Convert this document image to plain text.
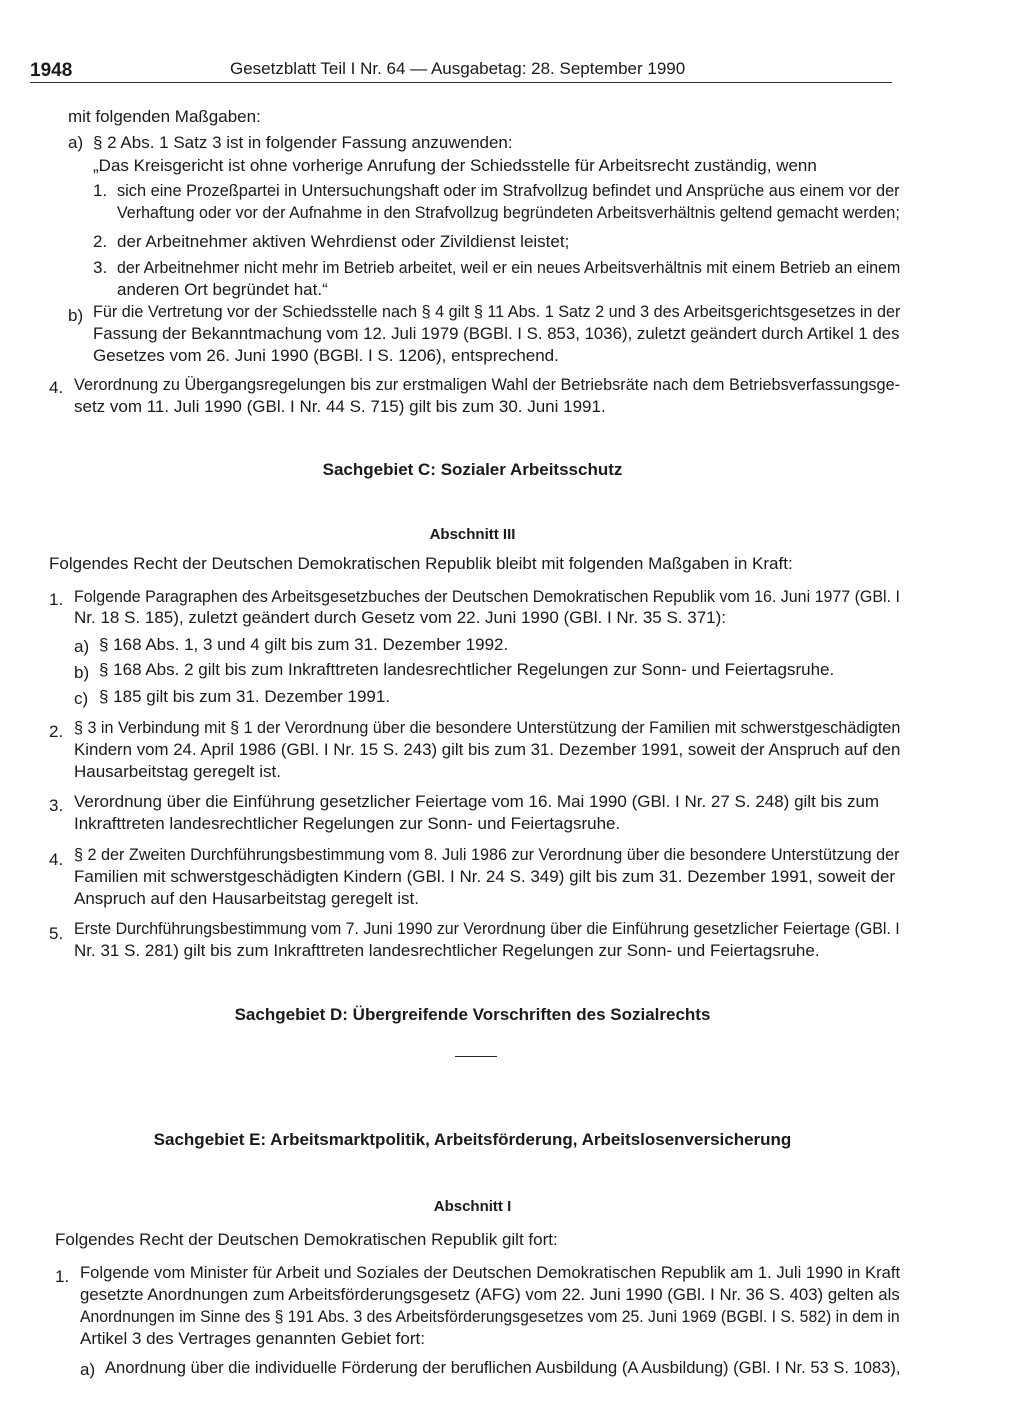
1948	Gesetzblatt Teil I Nr. 64 — Ausgabetag: 28. September 1990
mit folgenden Maßgaben:
a) § 2 Abs. 1 Satz 3 ist in folgender Fassung anzuwenden:
„Das Kreisgericht ist ohne vorherige Anrufung der Schiedsstelle für Arbeitsrecht zuständig, wenn
1. sich eine Prozeßpartei in Untersuchungshaft oder im Strafvollzug befindet und Ansprüche aus einem vor der
Verhaftung oder vor der Aufnahme in den Strafvollzug begründeten Arbeitsverhältnis geltend gemacht werden;
2. der Arbeitnehmer aktiven Wehrdienst oder Zivildienst leistet;
3. der Arbeitnehmer nicht mehr im Betrieb arbeitet, weil er ein neues Arbeitsverhältnis mit einem Betrieb an einem
anderen Ort begründet hat.“
b) Für die Vertretung vor der Schiedsstelle nach § 4 gilt § 11 Abs. 1 Satz 2 und 3 des Arbeitsgerichtsgesetzes in der
Fassung der Bekanntmachung vom 12. Juli 1979 (BGBl. I S. 853, 1036), zuletzt geändert durch Artikel 1 des
Gesetzes vom 26. Juni 1990 (BGBl. I S. 1206), entsprechend.
4. Verordnung zu Übergangsregelungen bis zur erstmaligen Wahl der Betriebsräte nach dem Betriebsverfassungsge-
setz vom 11. Juli 1990 (GBl. I Nr. 44 S. 715) gilt bis zum 30. Juni 1991.
Sachgebiet C: Sozialer Arbeitsschutz
Abschnitt III
Folgendes Recht der Deutschen Demokratischen Republik bleibt mit folgenden Maßgaben in Kraft:
1. Folgende Paragraphen des Arbeitsgesetzbuches der Deutschen Demokratischen Republik vom 16. Juni 1977 (GBl. I
Nr. 18 S. 185), zuletzt geändert durch Gesetz vom 22. Juni 1990 (GBl. I Nr. 35 S. 371):
a) § 168 Abs. 1, 3 und 4 gilt bis zum 31. Dezember 1992.
b) § 168 Abs. 2 gilt bis zum Inkrafttreten landesrechtlicher Regelungen zur Sonn- und Feiertagsruhe.
c) § 185 gilt bis zum 31. Dezember 1991.
2. § 3 in Verbindung mit § 1 der Verordnung über die besondere Unterstützung der Familien mit schwerstgeschädigten
Kindern vom 24. April 1986 (GBl. I Nr. 15 S. 243) gilt bis zum 31. Dezember 1991, soweit der Anspruch auf den
Hausarbeitstag geregelt ist.
3. Verordnung über die Einführung gesetzlicher Feiertage vom 16. Mai 1990 (GBl. I Nr. 27 S. 248) gilt bis zum
Inkrafttreten landesrechtlicher Regelungen zur Sonn- und Feiertagsruhe.
4. § 2 der Zweiten Durchführungsbestimmung vom 8. Juli 1986 zur Verordnung über die besondere Unterstützung der
Familien mit schwerstgeschädigten Kindern (GBl. I Nr. 24 S. 349) gilt bis zum 31. Dezember 1991, soweit der
Anspruch auf den Hausarbeitstag geregelt ist.
5. Erste Durchführungsbestimmung vom 7. Juni 1990 zur Verordnung über die Einführung gesetzlicher Feiertage (GBl. I
Nr. 31 S. 281) gilt bis zum Inkrafttreten landesrechtlicher Regelungen zur Sonn- und Feiertagsruhe.
Sachgebiet D: Übergreifende Vorschriften des Sozialrechts
Sachgebiet E: Arbeitsmarktpolitik, Arbeitsförderung, Arbeitslosenversicherung
Abschnitt I
Folgendes Recht der Deutschen Demokratischen Republik gilt fort:
1. Folgende vom Minister für Arbeit und Soziales der Deutschen Demokratischen Republik am 1. Juli 1990 in Kraft
gesetzte Anordnungen zum Arbeitsförderungsgesetz (AFG) vom 22. Juni 1990 (GBl. I Nr. 36 S. 403) gelten als
Anordnungen im Sinne des § 191 Abs. 3 des Arbeitsförderungsgesetzes vom 25. Juni 1969 (BGBl. I S. 582) in dem in
Artikel 3 des Vertrages genannten Gebiet fort:
a) Anordnung über die individuelle Förderung der beruflichen Ausbildung (A Ausbildung) (GBl. I Nr. 53 S. 1083),
